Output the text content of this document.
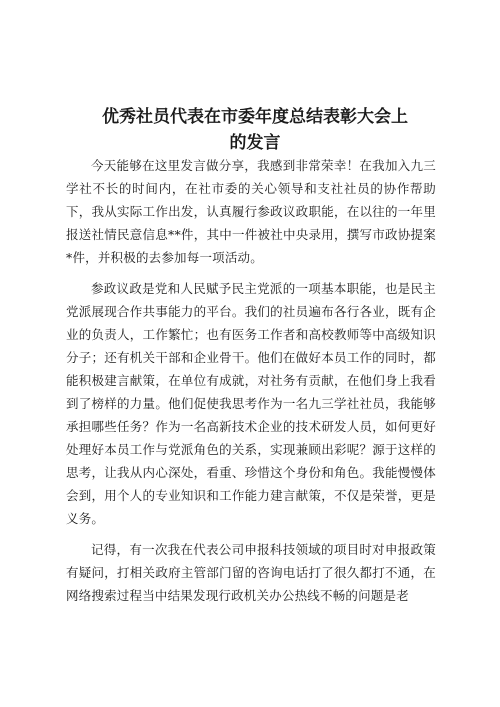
优秀社员代表在市委年度总结表彰大会上的发言

今天能够在这里发言做分享，我感到非常荣幸！在我加入九三学社不长的时间内，在社市委的关心领导和支社社员的协作帮助下，我从实际工作出发，认真履行参政议政职能，在以往的一年里报送社情民意信息**件，其中一件被社中央录用，撰写市政协提案*件，并积极的去参加每一项活动。

参政议政是党和人民赋予民主党派的一项基本职能，也是民主党派展现合作共事能力的平台。我们的社员遍布各行各业，既有企业的负责人，工作繁忙；也有医务工作者和高校教师等中高级知识分子；还有机关干部和企业骨干。他们在做好本员工作的同时，都能积极建言献策，在单位有成就，对社务有贡献，在他们身上我看到了榜样的力量。他们促使我思考作为一名九三学社社员，我能够承担哪些任务？作为一名高新技术企业的技术研发人员，如何更好处理好本员工作与党派角色的关系，实现兼顾出彩呢？源于这样的思考，让我从内心深处，看重、珍惜这个身份和角色。我能慢慢体会到，用个人的专业知识和工作能力建言献策，不仅是荣誉，更是义务。

记得，有一次我在代表公司申报科技领域的项目时对申报政策有疑问，打相关政府主管部门留的咨询电话打了很久都打不通，在网络搜索过程当中结果发现行政机关办公热线不畅的问题是老
